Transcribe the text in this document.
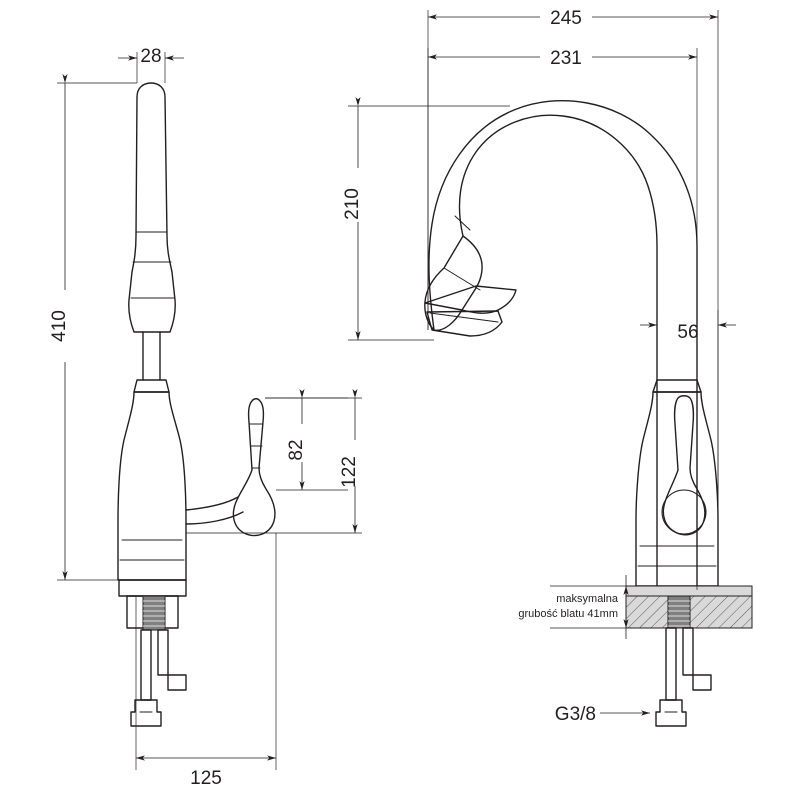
28
410
125
82
122
245
231
210
56
maksymalna
grubość blatu 41mm
G3/8
